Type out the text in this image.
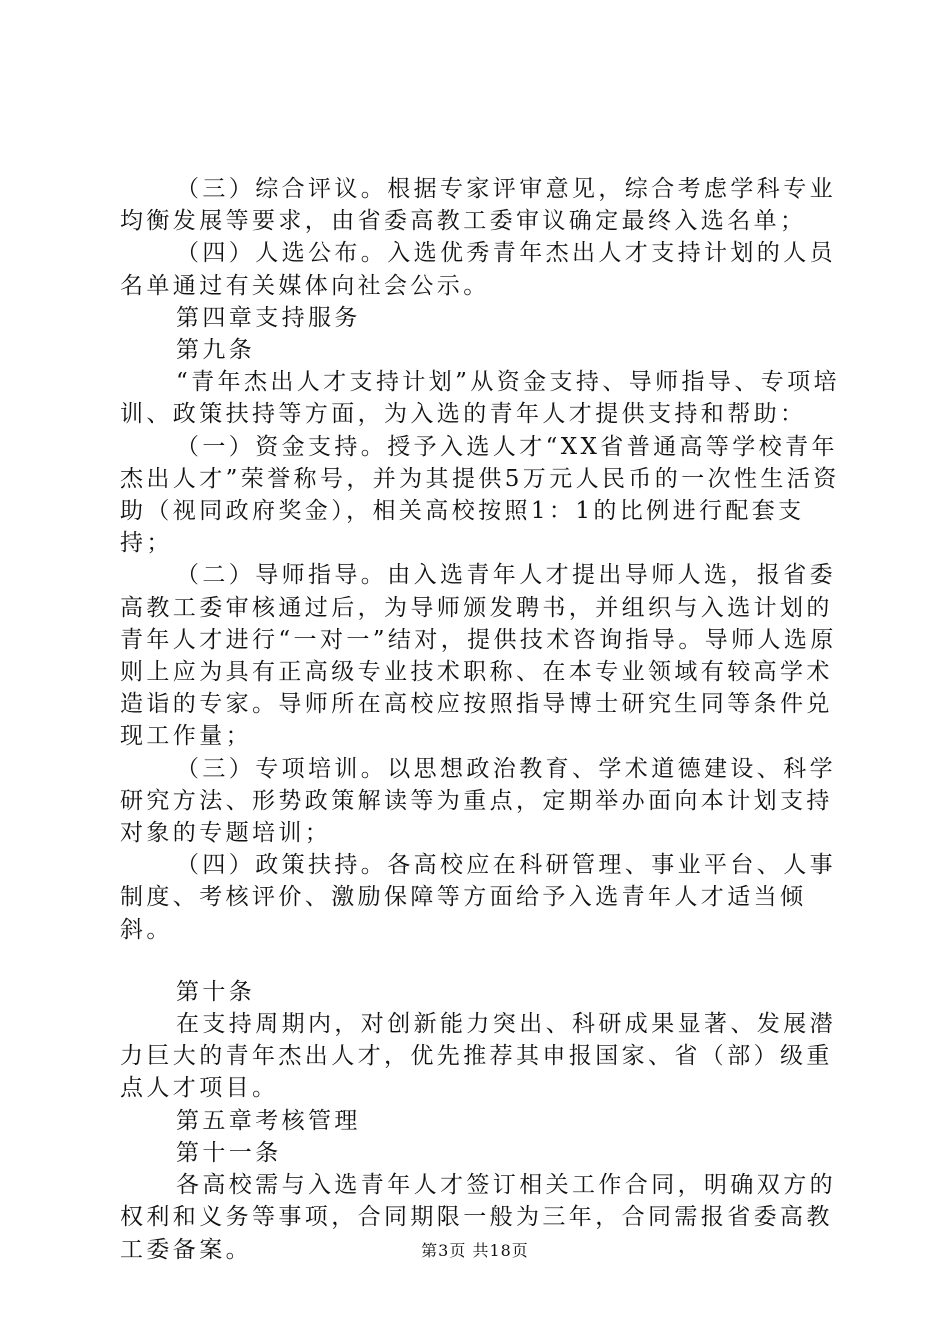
（三）综合评议。根据专家评审意见，综合考虑学科专业均衡发展等要求，由省委高教工委审议确定最终入选名单；

（四）人选公布。入选优秀青年杰出人才支持计划的人员名单通过有关媒体向社会公示。

第四章支持服务

第九条

“青年杰出人才支持计划”从资金支持、导师指导、专项培训、政策扶持等方面，为入选的青年人才提供支持和帮助：

（一）资金支持。授予入选人才“XX省普通高等学校青年杰出人才”荣誉称号，并为其提供5万元人民币的一次性生活资助（视同政府奖金），相关高校按照1：1的比例进行配套支持；

（二）导师指导。由入选青年人才提出导师人选，报省委高教工委审核通过后，为导师颁发聘书，并组织与入选计划的青年人才进行“一对一”结对，提供技术咨询指导。导师人选原则上应为具有正高级专业技术职称、在本专业领域有较高学术造诣的专家。导师所在高校应按照指导博士研究生同等条件兑现工作量；

（三）专项培训。以思想政治教育、学术道德建设、科学研究方法、形势政策解读等为重点，定期举办面向本计划支持对象的专题培训；

（四）政策扶持。各高校应在科研管理、事业平台、人事制度、考核评价、激励保障等方面给予入选青年人才适当倾斜。

第十条

在支持周期内，对创新能力突出、科研成果显著、发展潜力巨大的青年杰出人才，优先推荐其申报国家、省（部）级重点人才项目。

第五章考核管理

第十一条

各高校需与入选青年人才签订相关工作合同，明确双方的权利和义务等事项，合同期限一般为三年，合同需报省委高教工委备案。	第3页 共18页
